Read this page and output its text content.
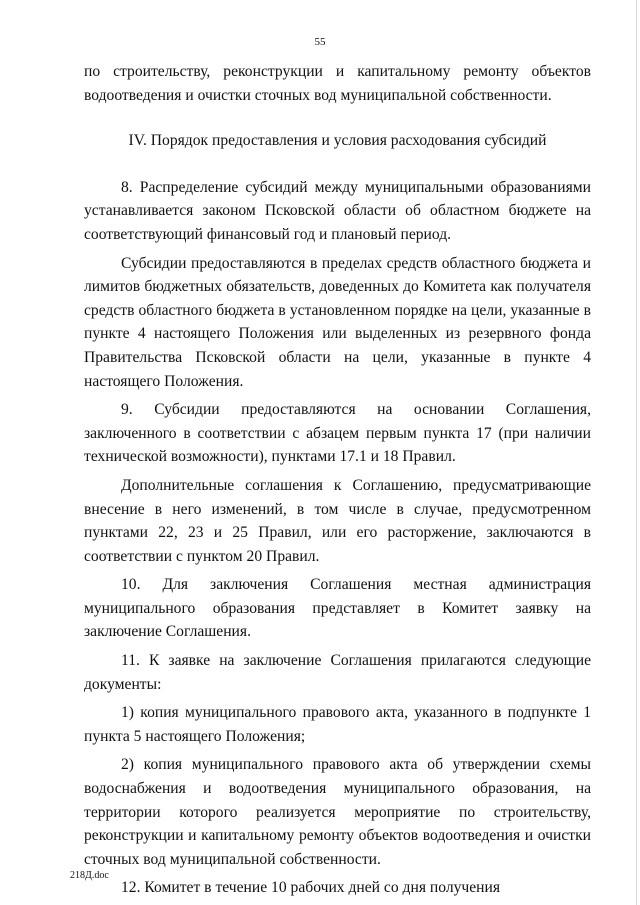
55

по строительству, реконструкции и капитальному ремонту объектов водоотведения и очистки сточных вод муниципальной собственности.

IV. Порядок предоставления и условия расходования субсидий

8. Распределение субсидий между муниципальными образованиями устанавливается законом Псковской области об областном бюджете на соответствующий финансовый год и плановый период.

Субсидии предоставляются в пределах средств областного бюджета и лимитов бюджетных обязательств, доведенных до Комитета как получателя средств областного бюджета в установленном порядке на цели, указанные в пункте 4 настоящего Положения или выделенных из резервного фонда Правительства Псковской области на цели, указанные в пункте 4 настоящего Положения.

9. Субсидии предоставляются на основании Соглашения, заключенного в соответствии с абзацем первым пункта 17 (при наличии технической возможности), пунктами 17.1 и 18 Правил.

Дополнительные соглашения к Соглашению, предусматривающие внесение в него изменений, в том числе в случае, предусмотренном пунктами 22, 23 и 25 Правил, или его расторжение, заключаются в соответствии с пунктом 20 Правил.

10. Для заключения Соглашения местная администрация муниципального образования представляет в Комитет заявку на заключение Соглашения.

11. К заявке на заключение Соглашения прилагаются следующие документы:

1) копия муниципального правового акта, указанного в подпункте 1 пункта 5 настоящего Положения;

2) копия муниципального правового акта об утверждении схемы водоснабжения и водоотведения муниципального образования, на территории которого реализуется мероприятие по строительству, реконструкции и капитальному ремонту объектов водоотведения и очистки сточных вод муниципальной собственности.

12. Комитет в течение 10 рабочих дней со дня получения

218Д.doc
